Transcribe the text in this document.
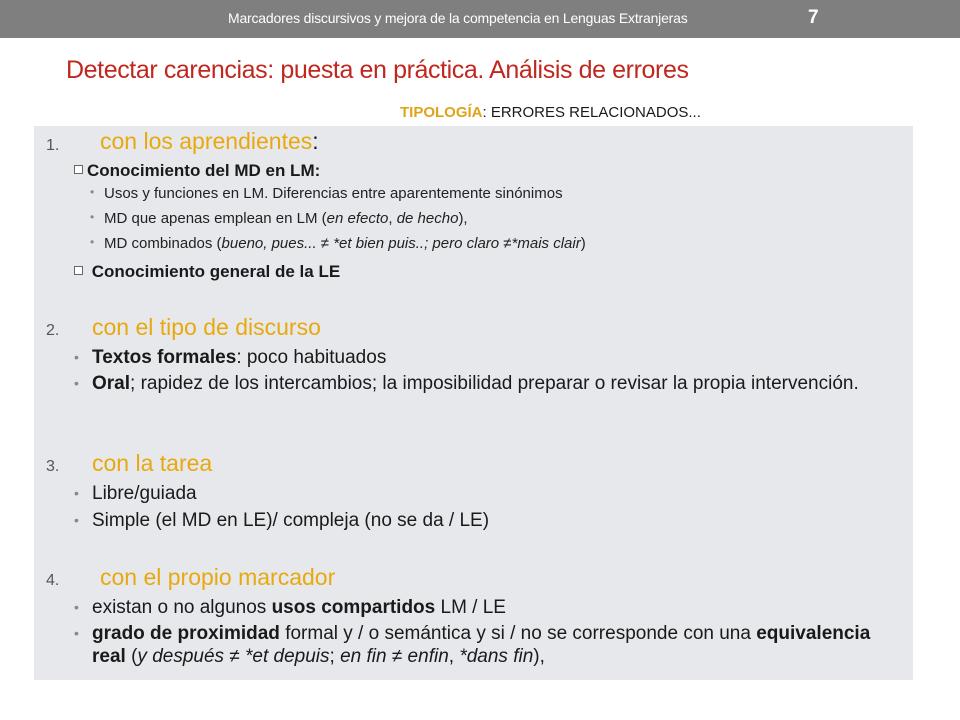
Marcadores discursivos y mejora de la competencia en Lenguas Extranjeras	7
Detectar carencias: puesta en práctica. Análisis de errores
TIPOLOGÍA: ERRORES RELACIONADOS...
1. con los aprendientes:
Conocimiento del MD en LM:
• Usos y funciones en LM. Diferencias entre aparentemente sinónimos
• MD que apenas emplean en LM (en efecto, de hecho),
• MD combinados (bueno, pues... ≠ *et bien puis..; pero claro ≠*mais clair)
Conocimiento general de la LE
2. con el tipo de discurso
• Textos formales: poco habituados
• Oral; rapidez de los intercambios; la imposibilidad preparar o revisar la propia intervención.
3. con la tarea
• Libre/guiada
• Simple (el MD en LE)/ compleja (no se da / LE)
4. con el propio marcador
• existan o no algunos usos compartidos LM / LE
• grado de proximidad formal y / o semántica y si / no se corresponde con una equivalencia real (y después ≠ *et depuis; en fin ≠ enfin, *dans fin),
